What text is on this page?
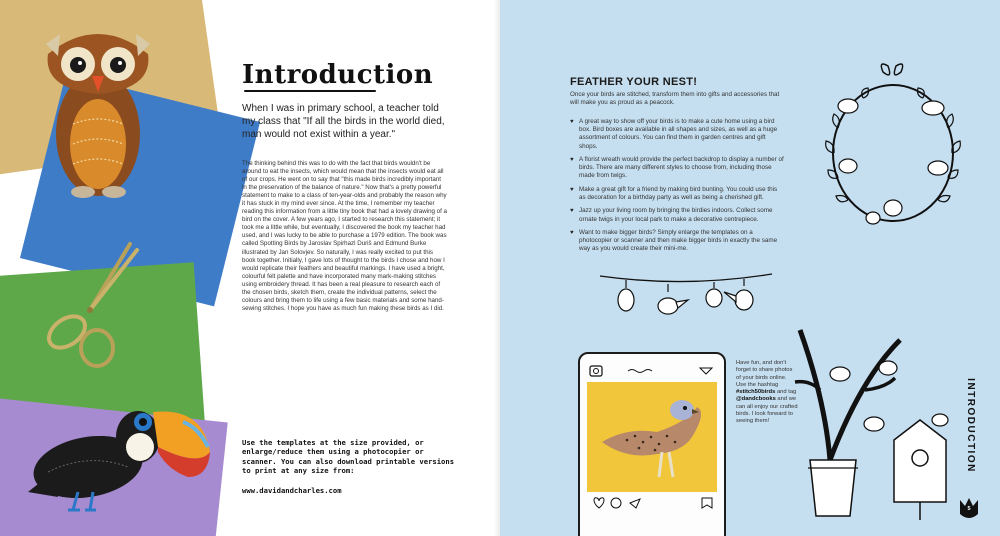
Introduction

When I was in primary school, a teacher told my class that "If all the birds in the world died, man would not exist within a year."

The thinking behind this was to do with the fact that birds wouldn't be around to eat the insects, which would mean that the insects would eat all of our crops. He went on to say that "this made birds incredibly important in the preservation of the balance of nature." Now that's a pretty powerful statement to make to a class of ten-year-olds and probably the reason why it has stuck in my mind ever since. At the time, I remember my teacher reading this information from a little tiny book that had a lovely drawing of a bird on the cover. A few years ago, I started to research this statement; it took me a little while, but eventually, I discovered the book my teacher had used, and I was lucky to be able to purchase a 1979 edition. The book was called Spotting Birds by Jaroslav Spirhazl Duriš and Edmund Burke illustrated by Jan Solovjev. So naturally, I was really excited to put this book together. Initially, I gave lots of thought to the birds I chose and how I would replicate their feathers and beautiful markings. I have used a bright, colourful felt palette and have incorporated many mark-making stitches using embroidery thread. It has been a real pleasure to research each of the chosen birds, sketch them, create the individual patterns, select the colours and bring them to life using a few basic materials and some hand-sewing stitches. I hope you have as much fun making these birds as I did.

Use the templates at the size provided, or enlarge/reduce them using a photocopier or scanner. You can also download printable versions to print at any size from:

www.davidandcharles.com
FEATHER YOUR NEST!

Once your birds are stitched, transform them into gifts and accessories that will make you as proud as a peacock.

♥ A great way to show off your birds is to make a cute home using a bird box. Bird boxes are available in all shapes and sizes, as well as a huge assortment of colours. You can find them in garden centres and gift shops.
♥ A florist wreath would provide the perfect backdrop to display a number of birds. There are many different styles to choose from, including those made from twigs.
♥ Make a great gift for a friend by making bird bunting. You could use this as decoration for a birthday party as well as being a cherished gift.
♥ Jazz up your living room by bringing the birdies indoors. Collect some ornate twigs in your local park to make a decorative centrepiece.
♥ Want to make bigger birds? Simply enlarge the templates on a photocopier or scanner and then make bigger birds in exactly the same way as you would create their mini-me.

Have fun, and don't forget to share photos of your birds online. Use the hashtag #stitch50birds and tag @dandcbooks and we can all enjoy our crafted birds. I look forward to seeing them!	INTRODUCTION
5
